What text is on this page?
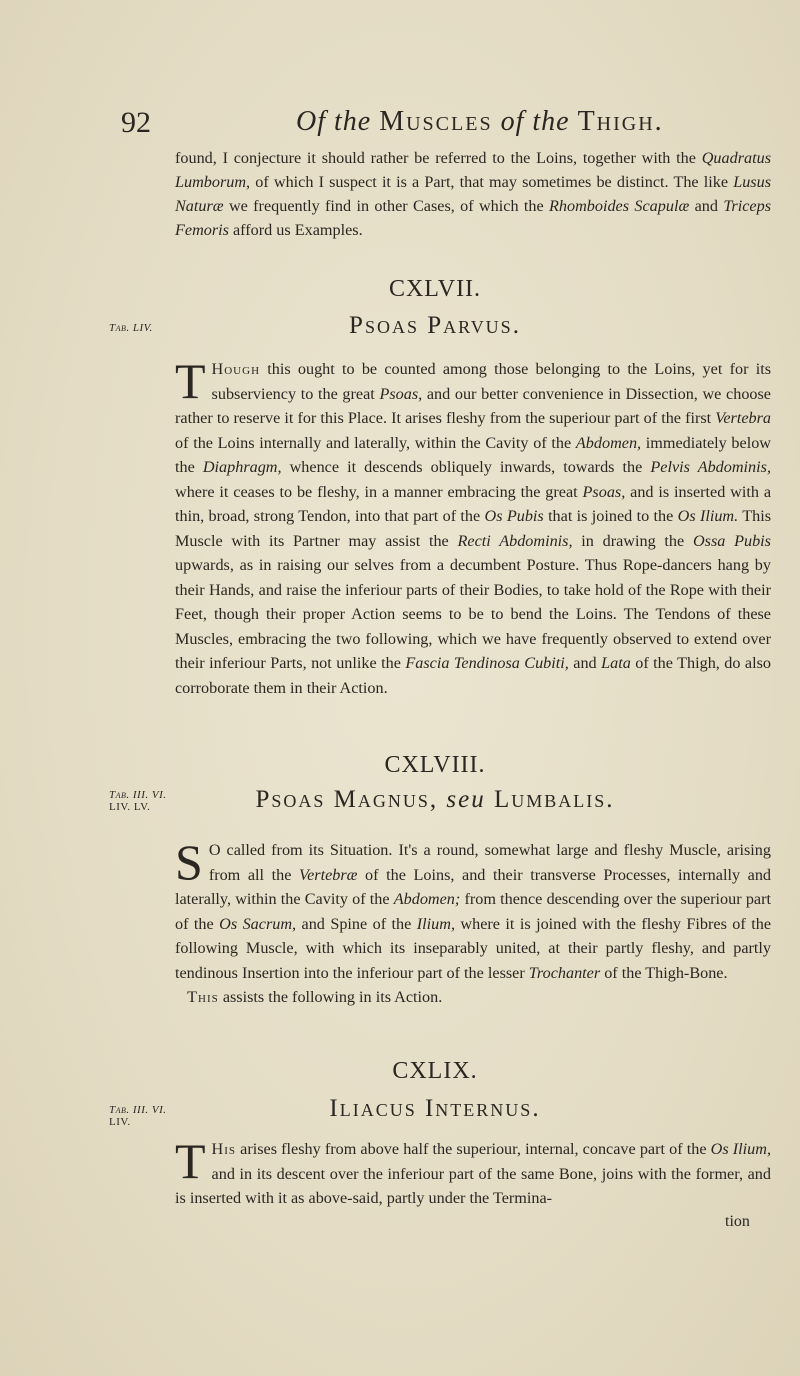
92	Of the Muscles of the Thigh.
found, I conjecture it should rather be referred to the Loins, together with the Quadratus Lumborum, of which I suspect it is a Part, that may sometimes be distinct. The like Lusus Naturæ we frequently find in other Cases, of which the Rhomboides Scapulæ and Triceps Femoris afford us Examples.
CXLVII.
Tab. LIV.	Psoas Parvus.
T Hough this ought to be counted among those belonging to the Loins, yet for its subserviency to the great Psoas, and our better convenience in Dissection, we choose rather to reserve it for this Place. It arises fleshy from the superiour part of the first Vertebra of the Loins internally and laterally, within the Cavity of the Abdomen, immediately below the Diaphragm, whence it descends obliquely inwards, towards the Pelvis Abdominis, where it ceases to be fleshy, in a manner embracing the great Psoas, and is inserted with a thin, broad, strong Tendon, into that part of the Os Pubis that is joined to the Os Ilium. This Muscle with its Partner may assist the Recti Abdominis, in drawing the Ossa Pubis upwards, as in raising our selves from a decumbent Posture. Thus Rope-dancers hang by their Hands, and raise the inferiour parts of their Bodies, to take hold of the Rope with their Feet, though their proper Action seems to be to bend the Loins. The Tendons of these Muscles, embracing the two following, which we have frequently observed to extend over their inferiour Parts, not unlike the Fascia Tendinosa Cubiti, and Lata of the Thigh, do also corroborate them in their Action.
CXLVIII.
Tab. III. VI.
LIV. LV.	Psoas Magnus, seu Lumbalis.
S O called from its Situation. It's a round, somewhat large and fleshy Muscle, arising from all the Vertebræ of the Loins, and their transverse Processes, internally and laterally, within the Cavity of the Abdomen; from thence descending over the superiour part of the Os Sacrum, and Spine of the Ilium, where it is joined with the fleshy Fibres of the following Muscle, with which its inseparably united, at their partly fleshy, and partly tendinous Insertion into the inferiour part of the lesser Trochanter of the Thigh-Bone.
This assists the following in its Action.
CXLIX.
Tab. III. VI.
LIV.	Iliacus Internus.
T His arises fleshy from above half the superiour, internal, concave part of the Os Ilium, and in its descent over the inferiour part of the same Bone, joins with the former, and is inserted with it as above-said, partly under the Termina-
tion
